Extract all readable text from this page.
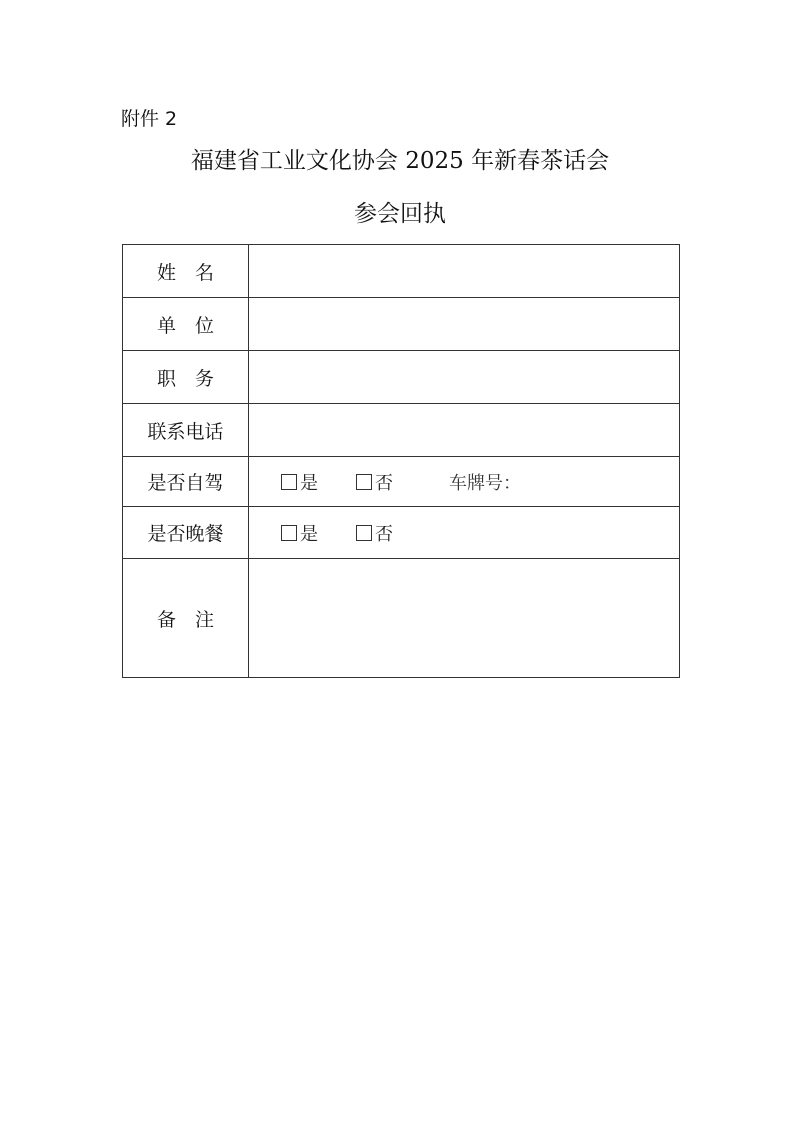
附件 2
福建省工业文化协会 2025 年新春茶话会
参会回执
姓　名	
单　位	
职　务	
联系电话	
是否自驾	是 否 车牌号：

是否晚餐	是 否

备　注	
